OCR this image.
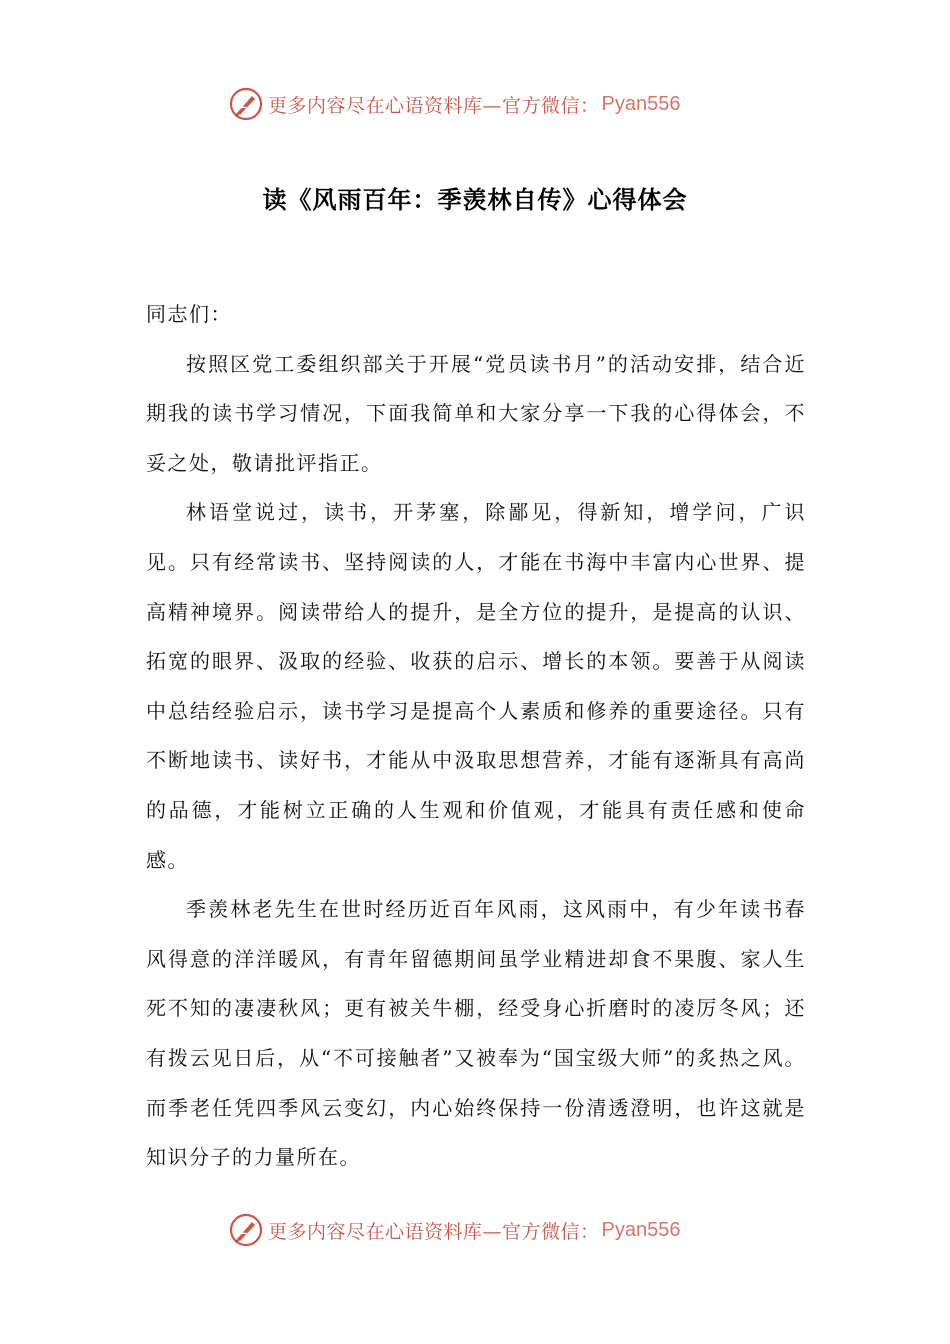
更多内容尽在心语资料库—官方微信： Pyan556
读《风雨百年：季羡林自传》心得体会

同志们：

按照区党工委组织部关于开展“党员读书月”的活动安排，结合近期我的读书学习情况，下面我简单和大家分享一下我的心得体会，不妥之处，敬请批评指正。

林语堂说过，读书，开茅塞，除鄙见，得新知，增学问，广识见。只有经常读书、坚持阅读的人，才能在书海中丰富内心世界、提高精神境界。阅读带给人的提升，是全方位的提升，是提高的认识、拓宽的眼界、汲取的经验、收获的启示、增长的本领。要善于从阅读中总结经验启示，读书学习是提高个人素质和修养的重要途径。只有不断地读书、读好书，才能从中汲取思想营养，才能有逐渐具有高尚的品德，才能树立正确的人生观和价值观，才能具有责任感和使命感。

季羡林老先生在世时经历近百年风雨，这风雨中，有少年读书春风得意的洋洋暖风，有青年留德期间虽学业精进却食不果腹、家人生死不知的凄凄秋风；更有被关牛棚，经受身心折磨时的凌厉冬风；还有拨云见日后，从“不可接触者”又被奉为“国宝级大师”的炙热之风。而季老任凭四季风云变幻，内心始终保持一份清透澄明，也许这就是知识分子的力量所在。

更多内容尽在心语资料库—官方微信： Pyan556
